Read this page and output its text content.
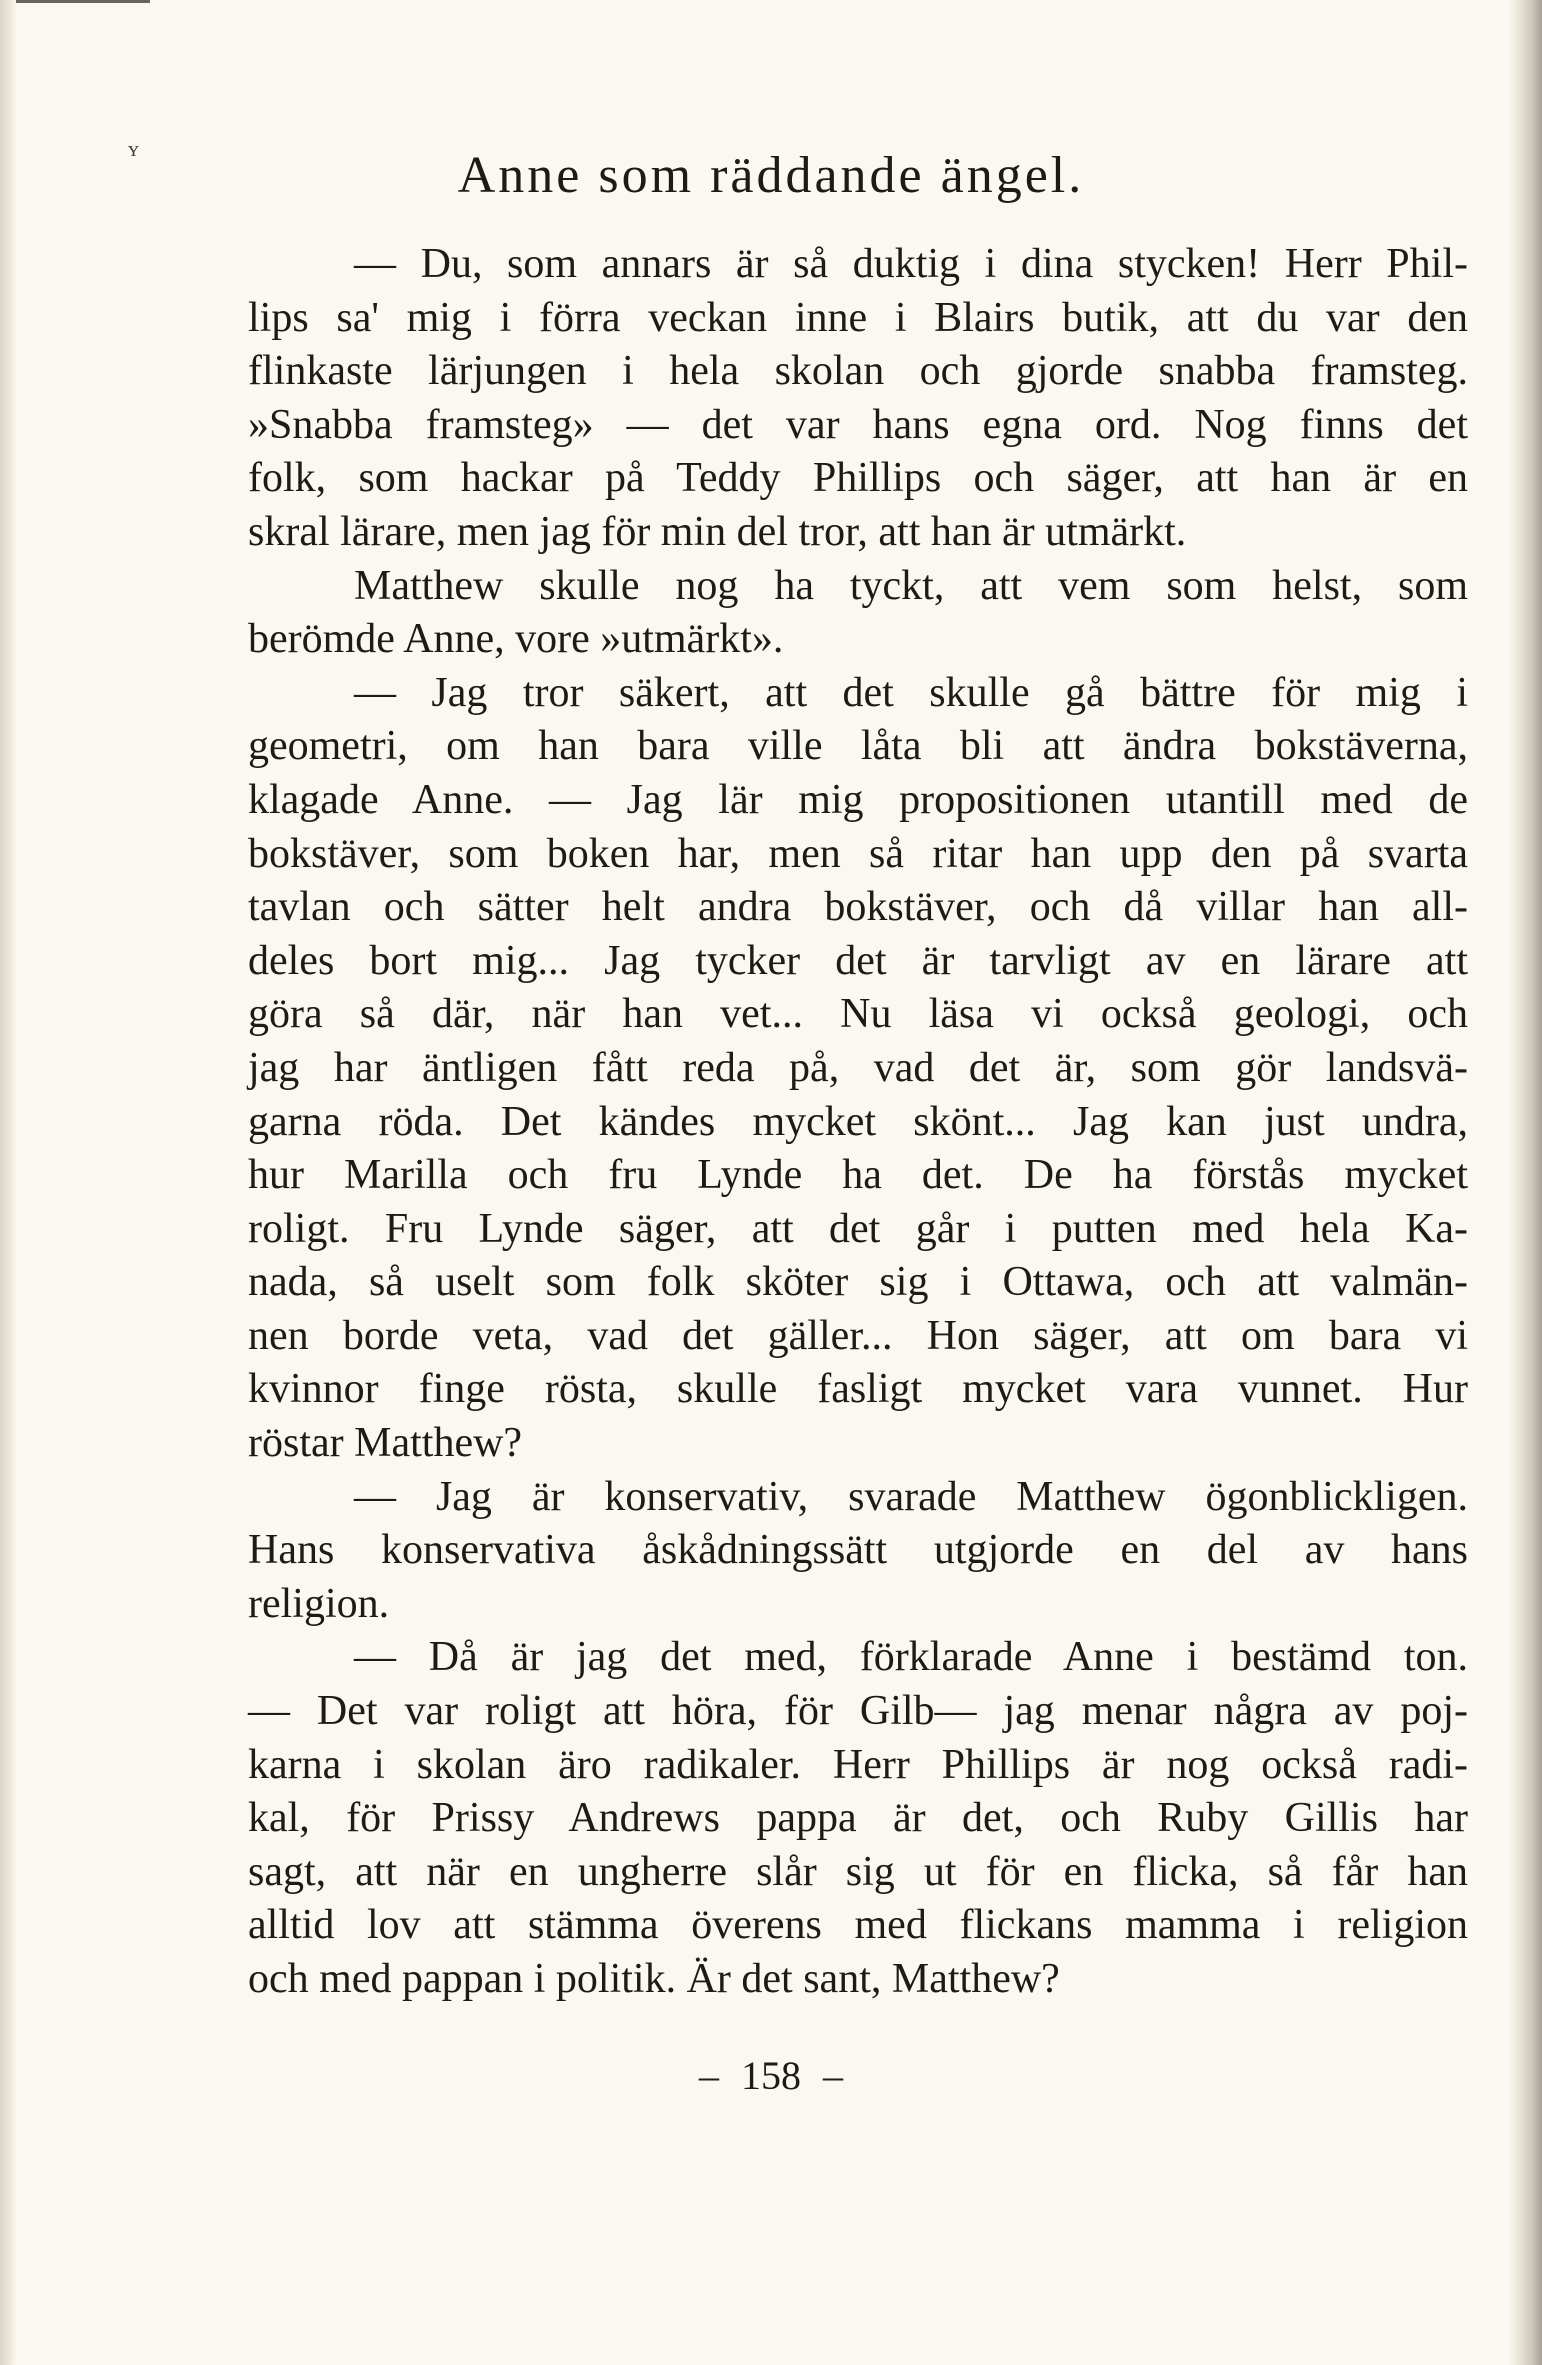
ʏ	Anne som räddande ängel.
— Du, som annars är så duktig i dina stycken! Herr Phil-
lips sa' mig i förra veckan inne i Blairs butik, att du var den
flinkaste lärjungen i hela skolan och gjorde snabba framsteg.
»Snabba framsteg» — det var hans egna ord. Nog finns det
folk, som hackar på Teddy Phillips och säger, att han är en
skral lärare, men jag för min del tror, att han är utmärkt.
Matthew skulle nog ha tyckt, att vem som helst, som
berömde Anne, vore »utmärkt».
— Jag tror säkert, att det skulle gå bättre för mig i
geometri, om han bara ville låta bli att ändra bokstäverna,
klagade Anne. — Jag lär mig propositionen utantill med de
bokstäver, som boken har, men så ritar han upp den på svarta
tavlan och sätter helt andra bokstäver, och då villar han all-
deles bort mig... Jag tycker det är tarvligt av en lärare att
göra så där, när han vet... Nu läsa vi också geologi, och
jag har äntligen fått reda på, vad det är, som gör landsvä-
garna röda. Det kändes mycket skönt... Jag kan just undra,
hur Marilla och fru Lynde ha det. De ha förstås mycket
roligt. Fru Lynde säger, att det går i putten med hela Ka-
nada, så uselt som folk sköter sig i Ottawa, och att valmän-
nen borde veta, vad det gäller... Hon säger, att om bara vi
kvinnor finge rösta, skulle fasligt mycket vara vunnet. Hur
röstar Matthew?
— Jag är konservativ, svarade Matthew ögonblickligen.
Hans konservativa åskådningssätt utgjorde en del av hans
religion.
— Då är jag det med, förklarade Anne i bestämd ton.
— Det var roligt att höra, för Gilb— jag menar några av poj-
karna i skolan äro radikaler. Herr Phillips är nog också radi-
kal, för Prissy Andrews pappa är det, och Ruby Gillis har
sagt, att när en ungherre slår sig ut för en flicka, så får han
alltid lov att stämma överens med flickans mamma i religion
och med pappan i politik. Är det sant, Matthew?
– 158 –
